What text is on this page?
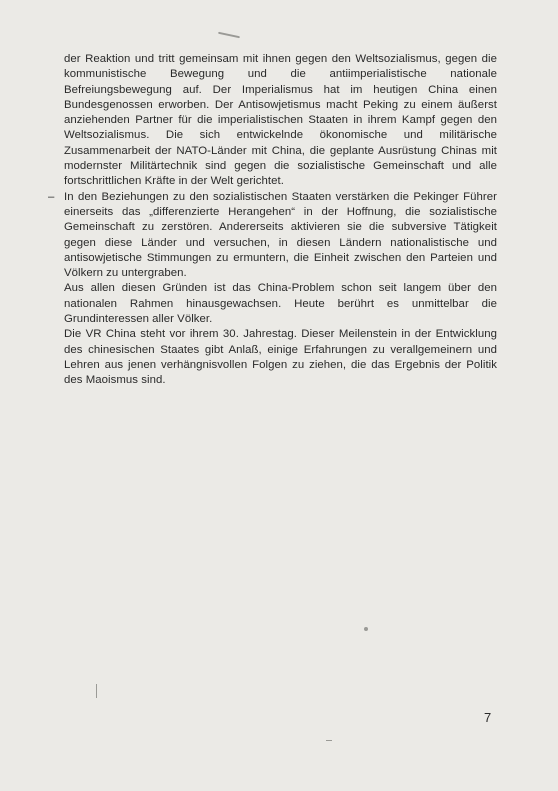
der Reaktion und tritt gemeinsam mit ihnen gegen den Weltsozialismus, gegen die kommunistische Bewegung und die antiimperialistische nationale Befreiungsbewegung auf. Der Imperialismus hat im heutigen China einen Bundesgenossen erworben. Der Antisowjetismus macht Peking zu einem äußerst anziehenden Partner für die imperialistischen Staaten in ihrem Kampf gegen den Weltsozialismus. Die sich entwickelnde ökonomische und militärische Zusammenarbeit der NATO-Länder mit China, die geplante Ausrüstung Chinas mit modernster Militärtechnik sind gegen die sozialistische Gemeinschaft und alle fortschrittlichen Kräfte in der Welt gerichtet.

– In den Beziehungen zu den sozialistischen Staaten verstärken die Pekinger Führer einerseits das „differenzierte Herangehen“ in der Hoffnung, die sozialistische Gemeinschaft zu zerstören. Andererseits aktivieren sie die subversive Tätigkeit gegen diese Länder und versuchen, in diesen Ländern nationalistische und antisowjetische Stimmungen zu ermuntern, die Einheit zwischen den Parteien und Völkern zu untergraben.

Aus allen diesen Gründen ist das China-Problem schon seit langem über den nationalen Rahmen hinausgewachsen. Heute berührt es unmittelbar die Grundinteressen aller Völker.

Die VR China steht vor ihrem 30. Jahrestag. Dieser Meilenstein in der Entwicklung des chinesischen Staates gibt Anlaß, einige Erfahrungen zu verallgemeinern und Lehren aus jenen verhängnisvollen Folgen zu ziehen, die das Ergebnis der Politik des Maoismus sind.

7
